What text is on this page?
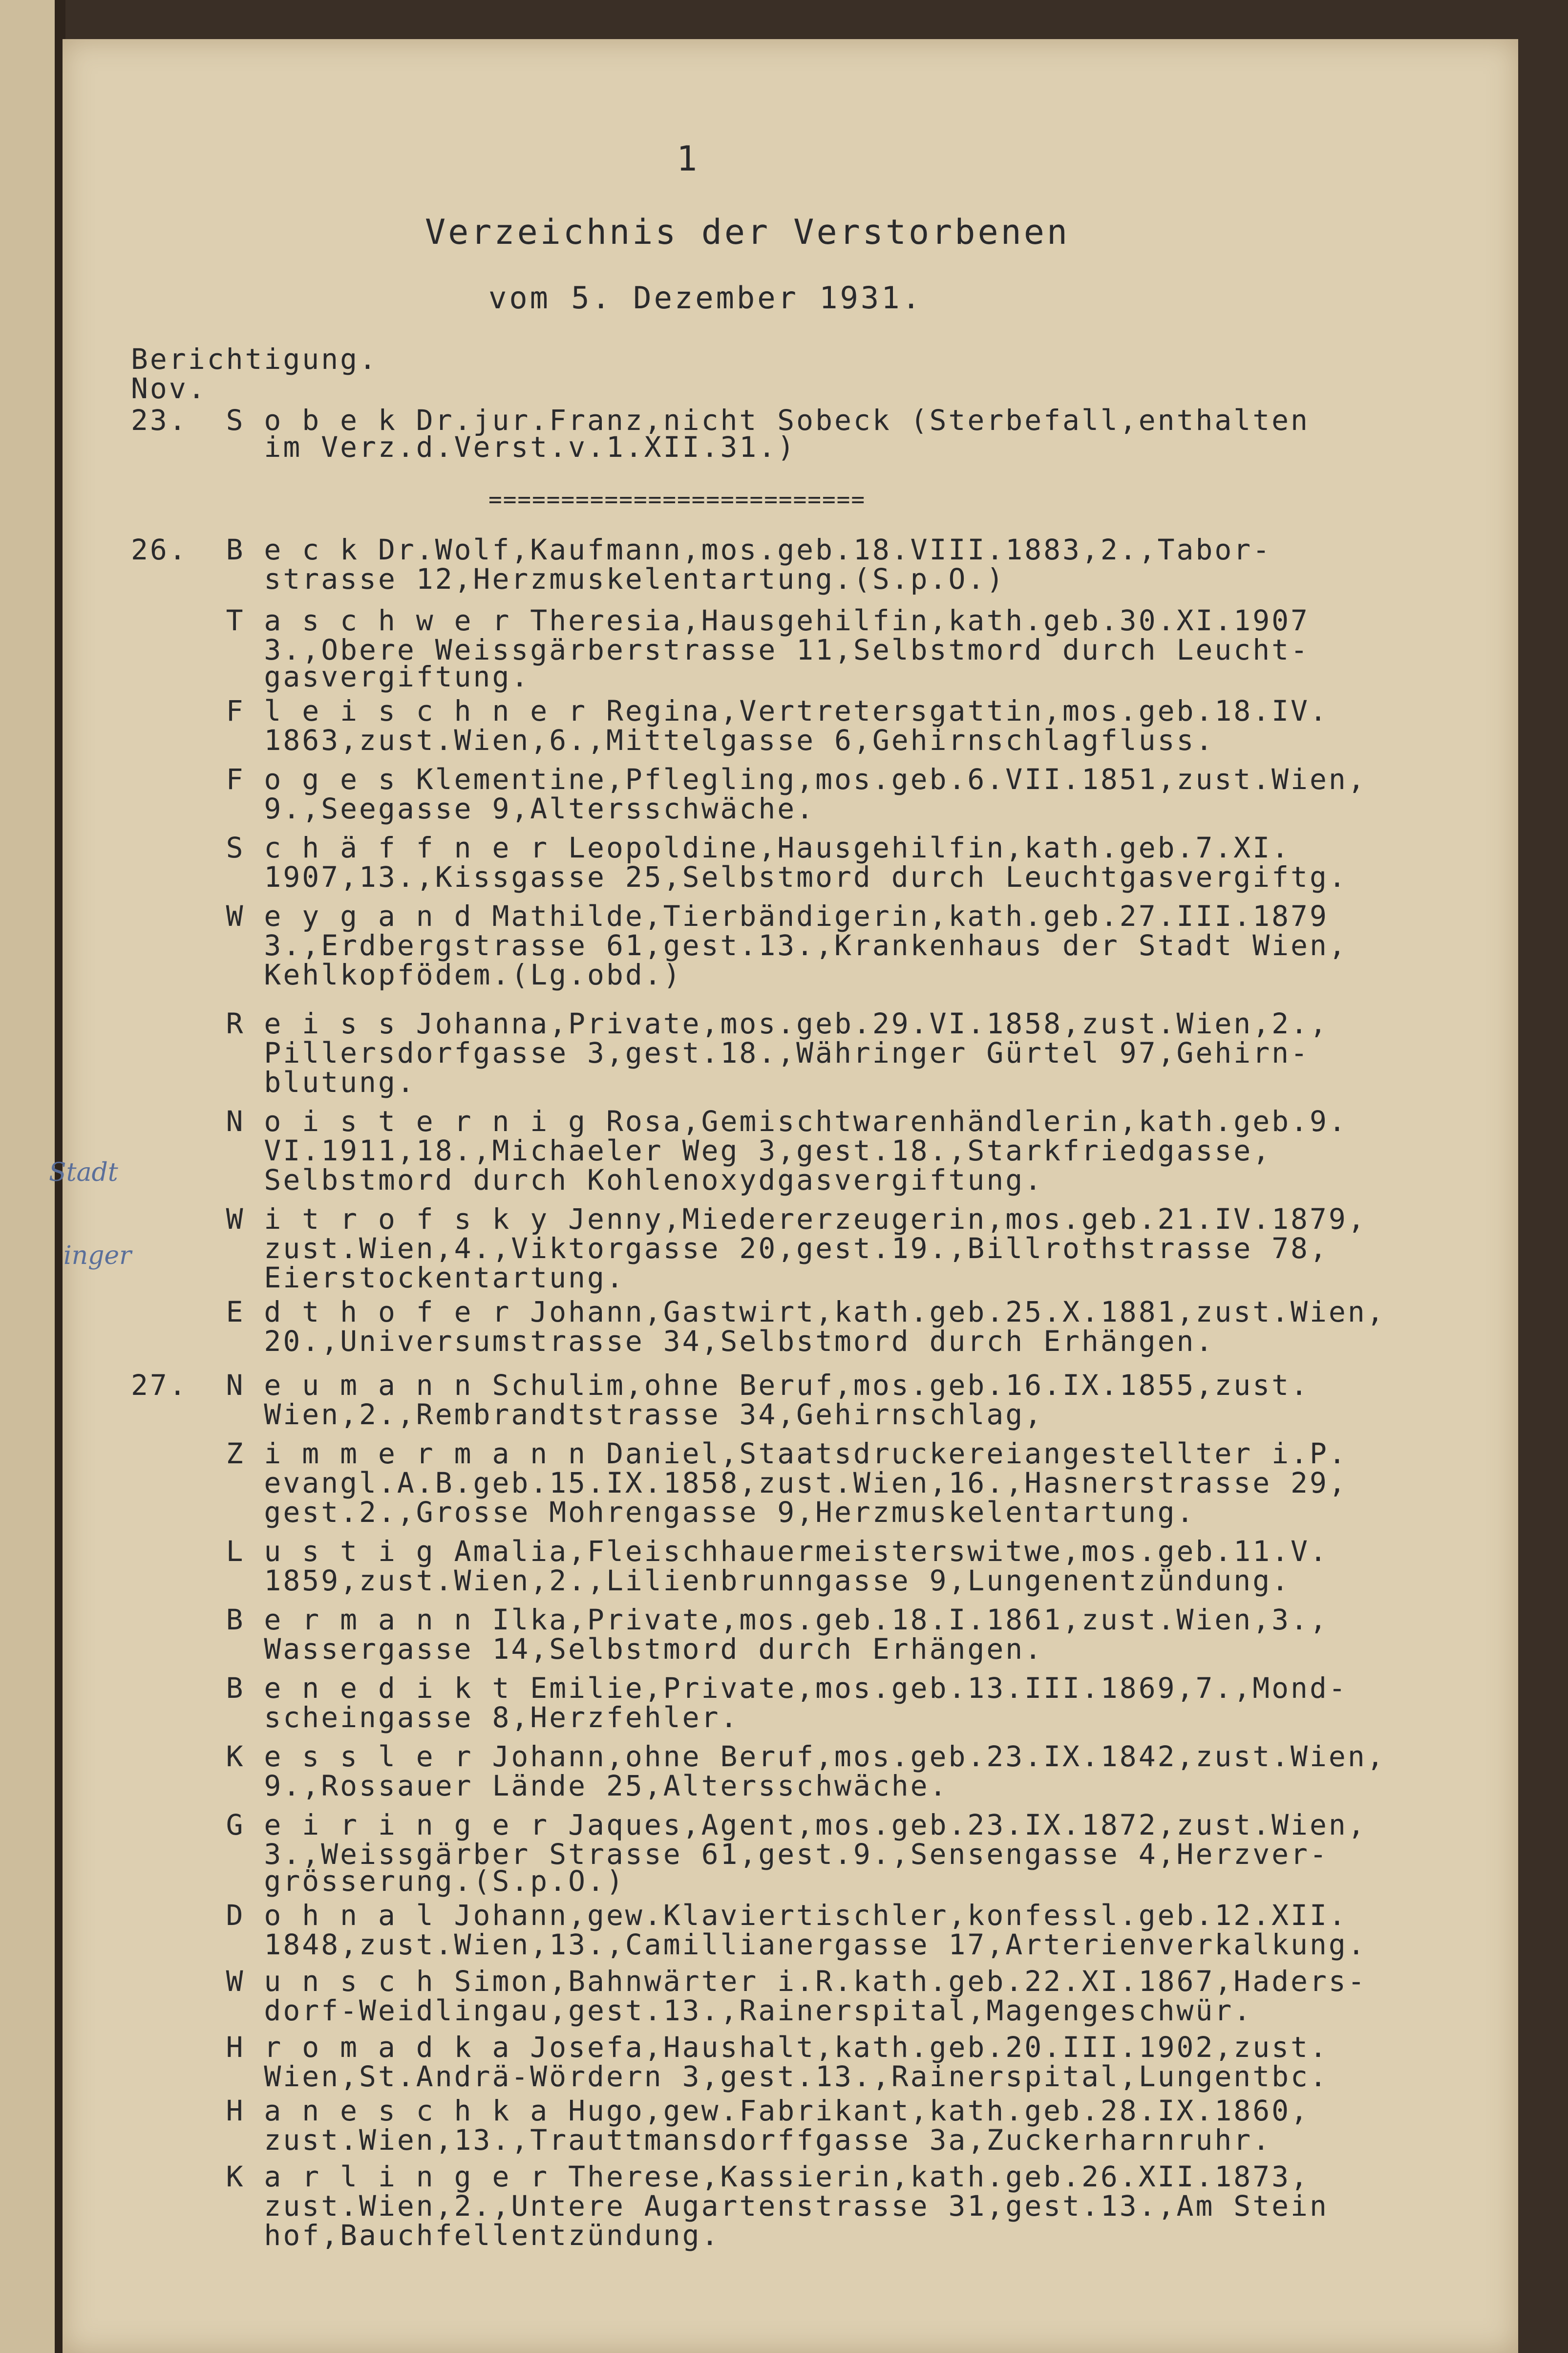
1
Verzeichnis der Verstorbenen
vom 5. Dezember 1931.
Berichtigung.
Nov.
23.  S o b e k Dr.jur.Franz,nicht Sobeck (Sterbefall,enthalten
im Verz.d.Verst.v.1.XII.31.)
26.  B e c k Dr.Wolf,Kaufmann,mos.geb.18.VIII.1883,2.,Tabor-
strasse 12,Herzmuskelentartung.(S.p.O.)
T a s c h w e r Theresia,Hausgehilfin,kath.geb.30.XI.1907
3.,Obere Weissgärberstrasse 11,Selbstmord durch Leucht-
gasvergiftung.
F l e i s c h n e r Regina,Vertretersgattin,mos.geb.18.IV.
1863,zust.Wien,6.,Mittelgasse 6,Gehirnschlagfluss.
F o g e s Klementine,Pflegling,mos.geb.6.VII.1851,zust.Wien,
9.,Seegasse 9,Altersschwäche.
S c h ä f f n e r Leopoldine,Hausgehilfin,kath.geb.7.XI.
1907,13.,Kissgasse 25,Selbstmord durch Leuchtgasvergiftg.
W e y g a n d Mathilde,Tierbändigerin,kath.geb.27.III.1879
3.,Erdbergstrasse 61,gest.13.,Krankenhaus der Stadt Wien,
Kehlkopfödem.(Lg.obd.)
R e i s s Johanna,Private,mos.geb.29.VI.1858,zust.Wien,2.,
Pillersdorfgasse 3,gest.18.,Währinger Gürtel 97,Gehirn-
blutung.
N o i s t e r n i g Rosa,Gemischtwarenhändlerin,kath.geb.9.
VI.1911,18.,Michaeler Weg 3,gest.18.,Starkfriedgasse,
Selbstmord durch Kohlenoxydgasvergiftung.
W i t r o f s k y Jenny,Miedererzeugerin,mos.geb.21.IV.1879,
zust.Wien,4.,Viktorgasse 20,gest.19.,Billrothstrasse 78,
Eierstockentartung.
E d t h o f e r Johann,Gastwirt,kath.geb.25.X.1881,zust.Wien,
20.,Universumstrasse 34,Selbstmord durch Erhängen.
27.  N e u m a n n Schulim,ohne Beruf,mos.geb.16.IX.1855,zust.
Wien,2.,Rembrandtstrasse 34,Gehirnschlag,
Z i m m e r m a n n Daniel,Staatsdruckereiangestellter i.P.
evangl.A.B.geb.15.IX.1858,zust.Wien,16.,Hasnerstrasse 29,
gest.2.,Grosse Mohrengasse 9,Herzmuskelentartung.
L u s t i g Amalia,Fleischhauermeisterswitwe,mos.geb.11.V.
1859,zust.Wien,2.,Lilienbrunngasse 9,Lungenentzündung.
B e r m a n n Ilka,Private,mos.geb.18.I.1861,zust.Wien,3.,
Wassergasse 14,Selbstmord durch Erhängen.
B e n e d i k t Emilie,Private,mos.geb.13.III.1869,7.,Mond-
scheingasse 8,Herzfehler.
K e s s l e r Johann,ohne Beruf,mos.geb.23.IX.1842,zust.Wien,
9.,Rossauer Lände 25,Altersschwäche.
G e i r i n g e r Jaques,Agent,mos.geb.23.IX.1872,zust.Wien,
3.,Weissgärber Strasse 61,gest.9.,Sensengasse 4,Herzver-
grösserung.(S.p.O.)
D o h n a l Johann,gew.Klaviertischler,konfessl.geb.12.XII.
1848,zust.Wien,13.,Camillianergasse 17,Arterienverkalkung.
W u n s c h Simon,Bahnwärter i.R.kath.geb.22.XI.1867,Haders-
dorf-Weidlingau,gest.13.,Rainerspital,Magengeschwür.
H r o m a d k a Josefa,Haushalt,kath.geb.20.III.1902,zust.
Wien,St.Andrä-Wördern 3,gest.13.,Rainerspital,Lungentbc.
H a n e s c h k a Hugo,gew.Fabrikant,kath.geb.28.IX.1860,
zust.Wien,13.,Trauttmansdorffgasse 3a,Zuckerharnruhr.
K a r l i n g e r Therese,Kassierin,kath.geb.26.XII.1873,
zust.Wien,2.,Untere Augartenstrasse 31,gest.13.,Am Stein
hof,Bauchfellentzündung.
==========================
Stadt
inger
